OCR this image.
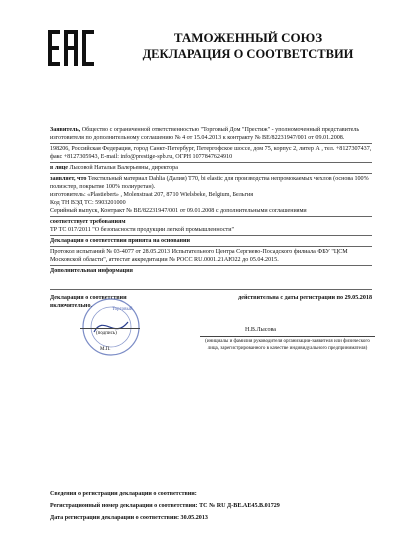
ТАМОЖЕННЫЙ СОЮЗ
ДЕКЛАРАЦИЯ О СООТВЕТСТВИИ

Заявитель, Общество с ограниченной ответственностью "Торговый Дом "Престиж" - уполномоченный представитель изготовителя по дополнительному соглашению № 4 от 15.04.2013 к контракту № BE/82231947/001 от 09.01.2008.

198206, Российская Федерация, город Санкт-Петербург, Петергофское шоссе, дом 75, корпус 2, литер А , тел. +8127307437, факс +8127305943, E-mail: info@prestige-spb.ru, ОГРН 1077847624910

в лице Лысовой Натальи Валерьевны, директора

заявляет, что Текстильный материал Dahlia (Далия) T70, bi elastic для производства непромокаемых чехлов (основа 100% полиэстер, покрытие 100% полиуретан).

изготовитель: «Plastiebert» , Molenstraat 207, 8710 Wielsbeke, Belgium, Бельгия

Код ТН ВЭД ТС: 5903201000

Серийный выпуск, Контракт № BE/82231947/001 от 09.01.2008 с дополнительными соглашениями

соответствует требованиям

ТР ТС 017/2011 "О безопасности продукции легкой промышленности"

Декларация о соответствии принята на основании

Протокол испытаний № 03-4077 от 28.05.2013 Испытательного Центра Сергиево-Посадского филиала ФБУ "ЦСМ Московской области", аттестат аккредитации № РОСС RU.0001.21АЮ22 до 05.04.2015.

Дополнительная информация

Декларация о соответствии включительно.
действительна с даты регистрации по 29.05.2018
Торговый
(подпись)
М.П.
Н.В.Лысова
(инициалы и фамилия руководителя организации-заявителя или физического лица, зарегистрированного в качестве индивидуального предпринимателя)

Сведения о регистрации декларации о соответствии:

Регистрационный номер декларации о соответствии: ТС № RU Д-BE.АЕ45.В.01729

Дата регистрации декларации о соответствии: 30.05.2013
